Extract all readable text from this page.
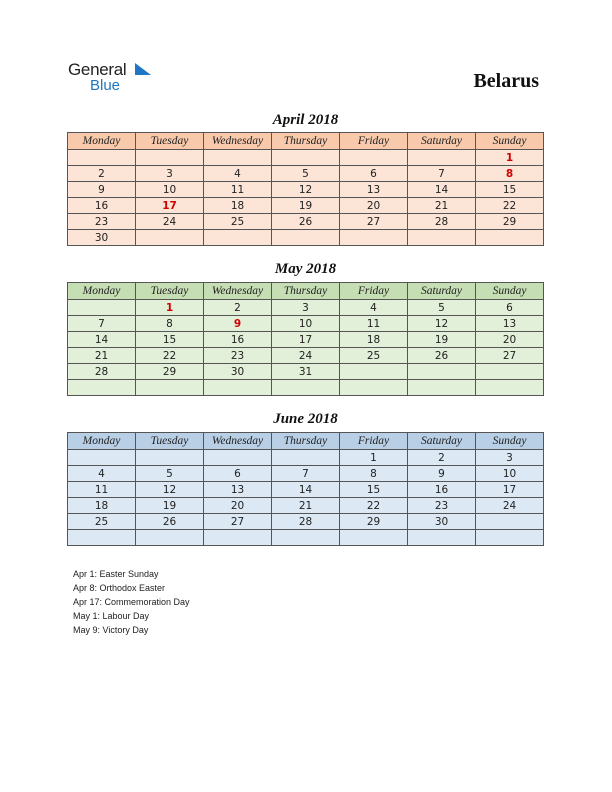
General
Blue	Belarus
April 2018
Monday	Tuesday	Wednesday	Thursday	Friday	Saturday	Sunday
						1
2	3	4	5	6	7	8
9	10	11	12	13	14	15
16	17	18	19	20	21	22
23	24	25	26	27	28	29
30						
May 2018
Monday	Tuesday	Wednesday	Thursday	Friday	Saturday	Sunday
	1	2	3	4	5	6
7	8	9	10	11	12	13
14	15	16	17	18	19	20
21	22	23	24	25	26	27
28	29	30	31			

June 2018
Monday	Tuesday	Wednesday	Thursday	Friday	Saturday	Sunday
				1	2	3
4	5	6	7	8	9	10
11	12	13	14	15	16	17
18	19	20	21	22	23	24
25	26	27	28	29	30	

Apr 1: Easter Sunday
Apr 8: Orthodox Easter
Apr 17: Commemoration Day
May 1: Labour Day
May 9: Victory Day
